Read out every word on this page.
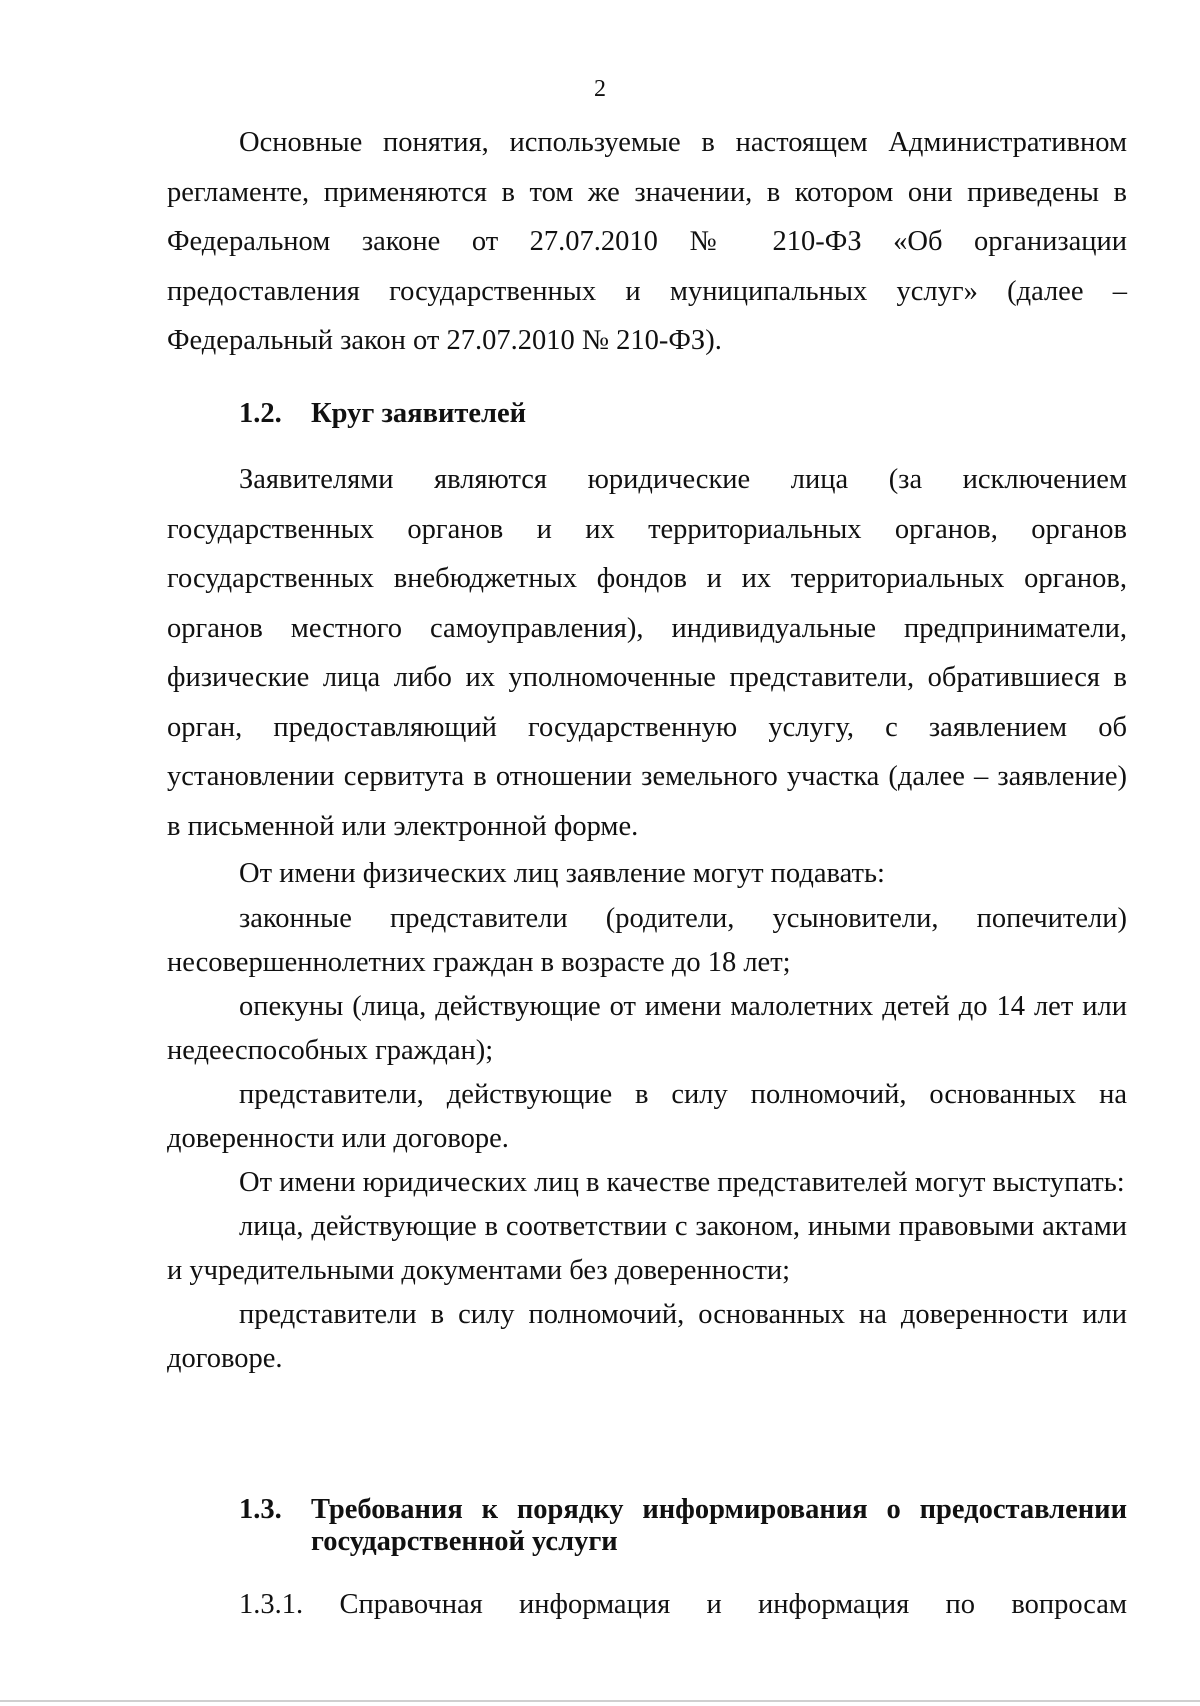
2

Основные понятия, используемые в настоящем Административном регламенте, применяются в том же значении, в котором они приведены в Федеральном законе от 27.07.2010 № 210-ФЗ «Об организации предоставления государственных и муниципальных услуг» (далее – Федеральный закон от 27.07.2010 № 210-ФЗ).

1.2. Круг заявителей

Заявителями являются юридические лица (за исключением государственных органов и их территориальных органов, органов государственных внебюджетных фондов и их территориальных органов, органов местного самоуправления), индивидуальные предприниматели, физические лица либо их уполномоченные представители, обратившиеся в орган, предоставляющий государственную услугу, с заявлением об установлении сервитута в отношении земельного участка (далее – заявление) в письменной или электронной форме.

От имени физических лиц заявление могут подавать:

законные представители (родители, усыновители, попечители) несовершеннолетних граждан в возрасте до 18 лет;

опекуны (лица, действующие от имени малолетних детей до 14 лет или недееспособных граждан);

представители, действующие в силу полномочий, основанных на доверенности или договоре.

От имени юридических лиц в качестве представителей могут выступать:

лица, действующие в соответствии с законом, иными правовыми актами и учредительными документами без доверенности;

представители в силу полномочий, основанных на доверенности или договоре.

1.3. Требования к порядку информирования о предоставлении государственной услуги

1.3.1. Справочная информация и информация по вопросам
